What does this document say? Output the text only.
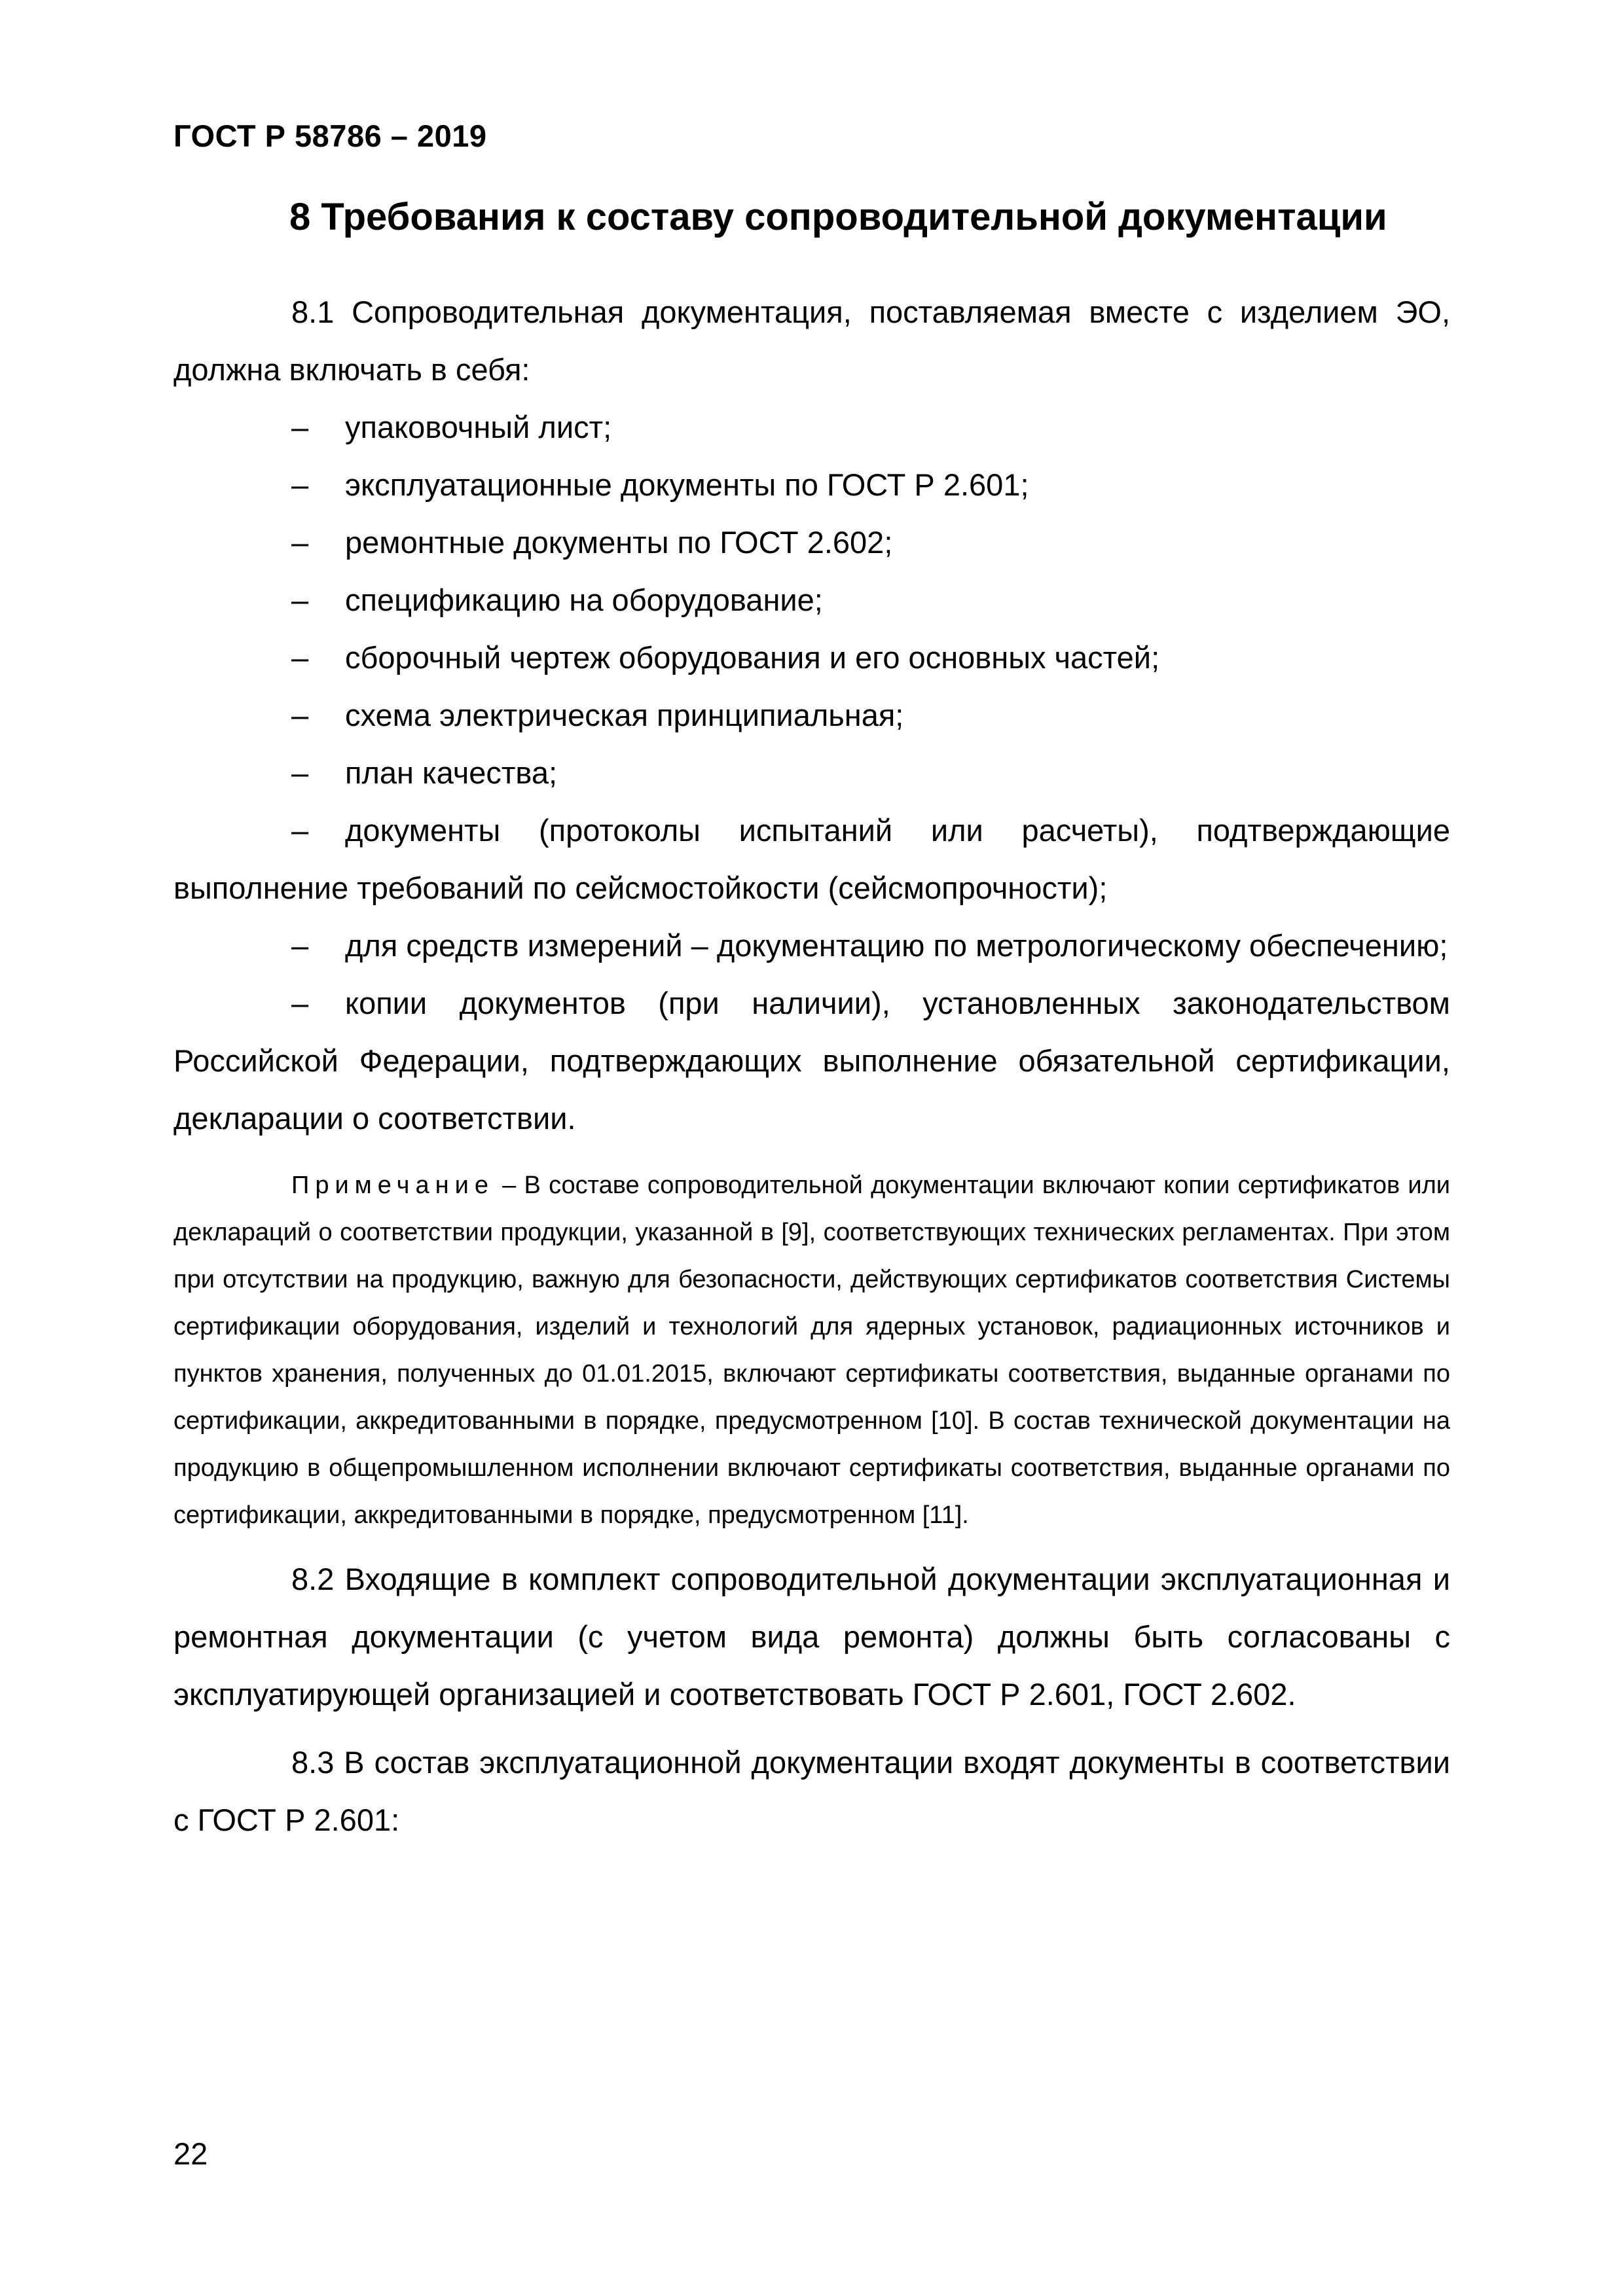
ГОСТ Р 58786 – 2019
8 Требования к составу сопроводительной документации

8.1 Сопроводительная документация, поставляемая вместе с изделием ЭО, должна включать в себя:

– упаковочный лист;

– эксплуатационные документы по ГОСТ Р 2.601;

– ремонтные документы по ГОСТ 2.602;

– спецификацию на оборудование;

– сборочный чертеж оборудования и его основных частей;

– схема электрическая принципиальная;

– план качества;

– документы (протоколы испытаний или расчеты), подтверждающие выполнение требований по сейсмостойкости (сейсмопрочности);

– для средств измерений – документацию по метрологическому обеспечению;

– копии документов (при наличии), установленных законодательством Российской Федерации, подтверждающих выполнение обязательной сертификации, декларации о соответствии.

Примечание – В составе сопроводительной документации включают копии сертификатов или деклараций о соответствии продукции, указанной в [9], соответствующих технических регламентах. При этом при отсутствии на продукцию, важную для безопасности, действующих сертификатов соответствия Системы сертификации оборудования, изделий и технологий для ядерных установок, радиационных источников и пунктов хранения, полученных до 01.01.2015, включают сертификаты соответствия, выданные органами по сертификации, аккредитованными в порядке, предусмотренном [10]. В состав технической документации на продукцию в общепромышленном исполнении включают сертификаты соответствия, выданные органами по сертификации, аккредитованными в порядке, предусмотренном [11].

8.2 Входящие в комплект сопроводительной документации эксплуатационная и ремонтная документации (с учетом вида ремонта) должны быть согласованы с эксплуатирующей организацией и соответствовать ГОСТ Р 2.601, ГОСТ 2.602.

8.3 В состав эксплуатационной документации входят документы в соответствии с ГОСТ Р 2.601:

22
